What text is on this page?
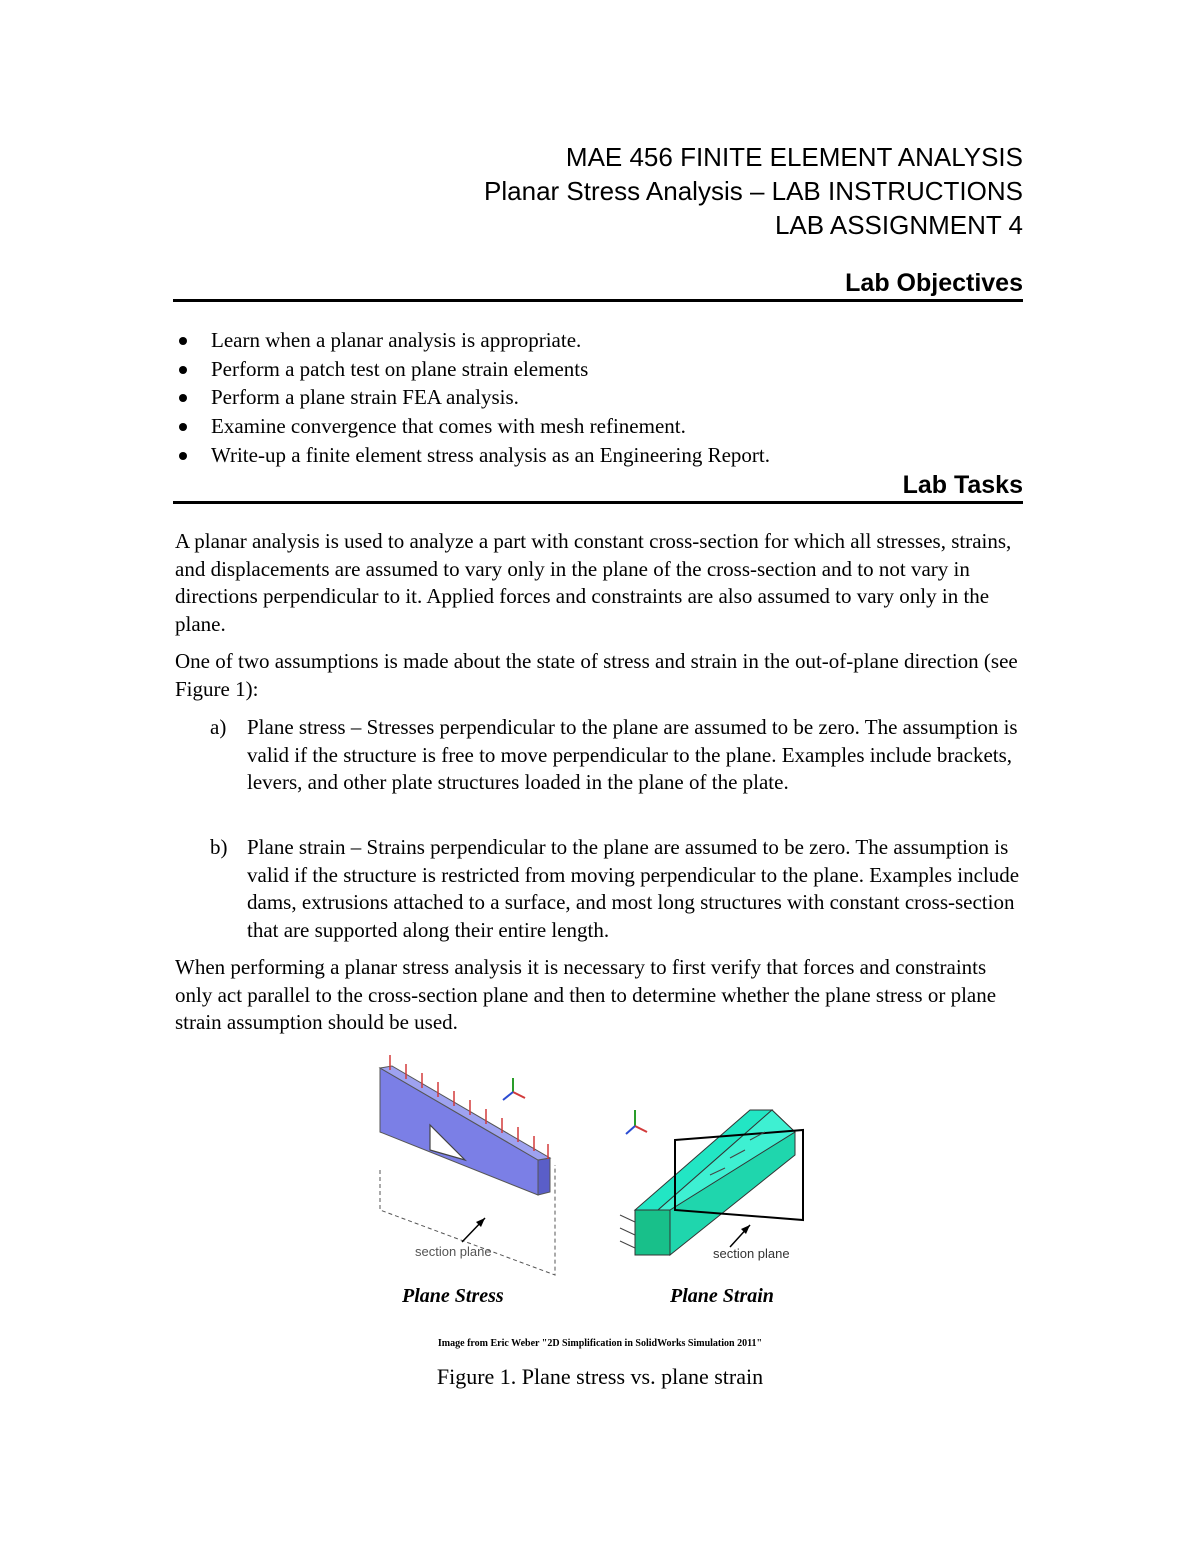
MAE 456 FINITE ELEMENT ANALYSIS
Planar Stress Analysis – LAB INSTRUCTIONS
LAB ASSIGNMENT 4
Lab Objectives
Learn when a planar analysis is appropriate.
Perform a patch test on plane strain elements
Perform a plane strain FEA analysis.
Examine convergence that comes with mesh refinement.
Write-up a finite element stress analysis as an Engineering Report.
Lab Tasks
A planar analysis is used to analyze a part with constant cross-section for which all stresses, strains, and displacements are assumed to vary only in the plane of the cross-section and to not vary in directions perpendicular to it. Applied forces and constraints are also assumed to vary only in the plane.
One of two assumptions is made about the state of stress and strain in the out-of-plane direction (see Figure 1):
a) Plane stress – Stresses perpendicular to the plane are assumed to be zero. The assumption is valid if the structure is free to move perpendicular to the plane. Examples include brackets, levers, and other plate structures loaded in the plane of the plate.
b) Plane strain – Strains perpendicular to the plane are assumed to be zero. The assumption is valid if the structure is restricted from moving perpendicular to the plane. Examples include dams, extrusions attached to a surface, and most long structures with constant cross-section that are supported along their entire length.
When performing a planar stress analysis it is necessary to first verify that forces and constraints only act parallel to the cross-section plane and then to determine whether the plane stress or plane strain assumption should be used.
section plane
Plane Stress
section plane
Plane Strain
Image from Eric Weber "2D Simplification in SolidWorks Simulation 2011"
Figure 1. Plane stress vs. plane strain
